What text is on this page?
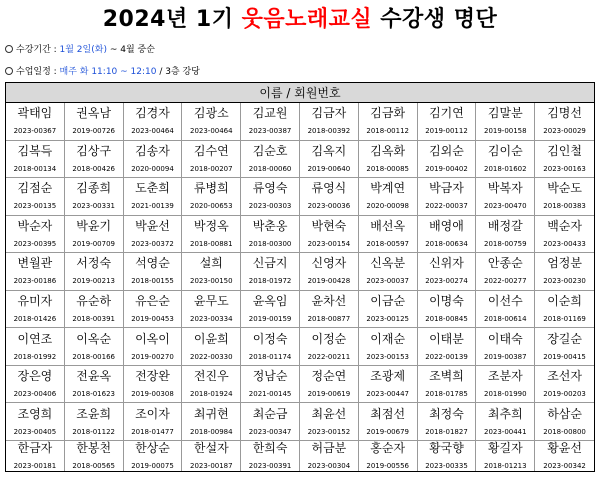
2024년 1기 웃음노래교실 수강생 명단
수강기간 : 1월 2일(화) ~ 4월 중순
수업일정 : 매주 화 11:10 ~ 12:10 / 3층 강당
이름 / 회원번호
곽태임
2023-00367
권옥남
2019-00726
김경자
2023-00464
김광소
2023-00464
김교원
2023-00387
김금자
2018-00392
김금화
2018-00112
김기연
2019-00112
김말분
2019-00158
김명선
2023-00029
김복득
2018-00134
김상구
2018-00426
김송자
2020-00094
김수연
2018-00207
김순호
2018-00060
김옥지
2019-00640
김옥화
2018-00085
김외순
2019-00402
김이순
2018-01602
김인철
2023-00163
김점순
2023-00135
김종희
2023-00331
도춘희
2021-00139
류병희
2020-00653
류영숙
2023-00303
류영식
2023-00036
박계연
2020-00098
박금자
2022-00037
박복자
2023-00470
박순도
2018-00383
박순자
2023-00395
박윤기
2019-00709
박윤선
2023-00372
박정옥
2018-00881
박춘옹
2018-00300
박현숙
2023-00154
배선옥
2018-00597
배영애
2018-00634
배정갈
2018-00759
백순자
2023-00433
변월관
2023-00186
서정숙
2019-00213
석영순
2018-00155
설희
2023-00150
신금지
2018-01972
신영자
2019-00428
신옥분
2023-00037
신위자
2023-00274
안종순
2022-00277
엄정분
2023-00230
유미자
2018-01426
유순하
2018-00391
유은순
2019-00453
윤무도
2023-00334
윤옥임
2019-00159
윤차선
2018-00877
이금순
2023-00125
이명숙
2018-00845
이선수
2018-00614
이순희
2018-01169
이연조
2018-01992
이옥순
2018-00166
이옥이
2019-00270
이윤희
2022-00330
이정숙
2018-01174
이정순
2022-00211
이재순
2023-00153
이태분
2022-00139
이태숙
2019-00387
장길순
2019-00415
장은영
2023-00406
전윤옥
2018-01623
전장완
2019-00308
전진우
2018-01924
정남순
2021-00145
정순연
2019-00619
조광제
2023-00447
조벽희
2018-01785
조분자
2018-01990
조선자
2019-00203
조영희
2023-00405
조윤희
2018-01122
조이자
2018-01477
최귀현
2018-00984
최순금
2023-00347
최윤선
2023-00152
최점선
2019-00679
최정숙
2018-01827
최추희
2023-00441
하삼순
2018-00800
한금자
2023-00181
한봉천
2018-00565
한상순
2019-00075
한설자
2023-00187
한희숙
2023-00391
허금분
2023-00304
홍순자
2019-00556
황국향
2023-00335
황길자
2018-01213
황윤선
2023-00342
